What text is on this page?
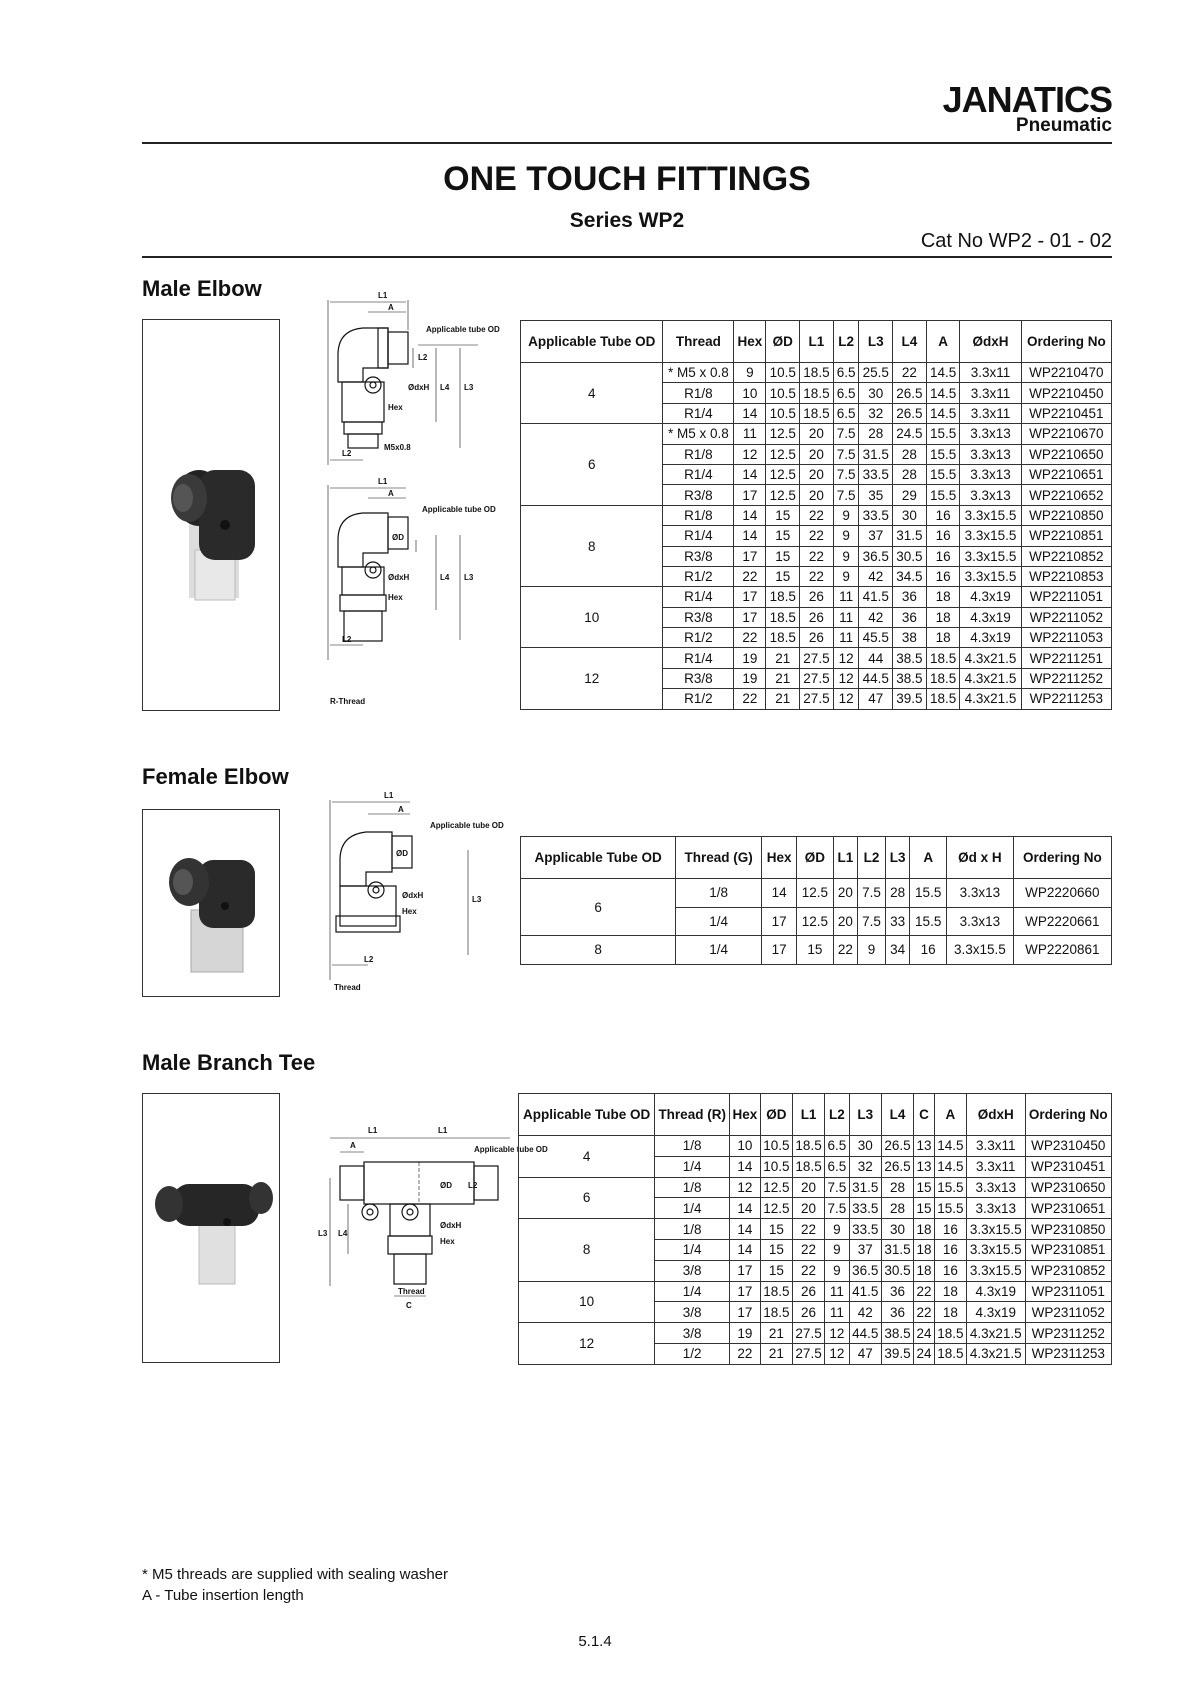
JANATICS
Pneumatic
ONE TOUCH FITTINGS
Series WP2
Cat No WP2 - 01 - 02
Male Elbow	L1
A
Applicable tube OD
L2
ØdxH L4 L3
Hex
M5x0.8
L2
L1
A
Applicable tube OD
ØD
ØdxH	L4 L3
Hex
L2
R-Thread
Applicable Tube OD	Thread	Hex	ØD	L1	L2	L3	L4	A	ØdxH	Ordering No
4	* M5 x 0.8	9	10.5	18.5	6.5	25.5	22	14.5	3.3x11	WP2210470
	R1/8	10	10.5	18.5	6.5	30	26.5	14.5	3.3x11	WP2210450
	R1/4	14	10.5	18.5	6.5	32	26.5	14.5	3.3x11	WP2210451
6	* M5 x 0.8	11	12.5	20	7.5	28	24.5	15.5	3.3x13	WP2210670
	R1/8	12	12.5	20	7.5	31.5	28	15.5	3.3x13	WP2210650
	R1/4	14	12.5	20	7.5	33.5	28	15.5	3.3x13	WP2210651
	R3/8	17	12.5	20	7.5	35	29	15.5	3.3x13	WP2210652
8	R1/8	14	15	22	9	33.5	30	16	3.3x15.5	WP2210850
	R1/4	14	15	22	9	37	31.5	16	3.3x15.5	WP2210851
	R3/8	17	15	22	9	36.5	30.5	16	3.3x15.5	WP2210852
	R1/2	22	15	22	9	42	34.5	16	3.3x15.5	WP2210853
10	R1/4	17	18.5	26	11	41.5	36	18	4.3x19	WP2211051
	R3/8	17	18.5	26	11	42	36	18	4.3x19	WP2211052
	R1/2	22	18.5	26	11	45.5	38	18	4.3x19	WP2211053
12	R1/4	19	21	27.5	12	44	38.5	18.5	4.3x21.5	WP2211251
	R3/8	19	21	27.5	12	44.5	38.5	18.5	4.3x21.5	WP2211252
	R1/2	22	21	27.5	12	47	39.5	18.5	4.3x21.5	WP2211253
Female Elbow
L1
A
Applicable tube OD
ØD
ØdxH
Hex
L3
L2
Thread
Applicable Tube OD	Thread (G)	Hex	ØD	L1	L2	L3	A	Ød x H	Ordering No
6	1/8	14	12.5	20	7.5	28	15.5	3.3x13	WP2220660
	1/4	17	12.5	20	7.5	33	15.5	3.3x13	WP2220661
8	1/4	17	15	22	9	34	16	3.3x15.5	WP2220861
Male Branch Tee
L1	L1
A	Applicable tube OD
ØD L2
L3 L4
ØdxH
Hex
Thread
C
Applicable Tube OD	Thread (R)	Hex	ØD	L1	L2	L3	L4	C	A	ØdxH	Ordering No
4	1/8	10	10.5	18.5	6.5	30	26.5	13	14.5	3.3x11	WP2310450
	1/4	14	10.5	18.5	6.5	32	26.5	13	14.5	3.3x11	WP2310451
6	1/8	12	12.5	20	7.5	31.5	28	15	15.5	3.3x13	WP2310650
	1/4	14	12.5	20	7.5	33.5	28	15	15.5	3.3x13	WP2310651
8	1/8	14	15	22	9	33.5	30	18	16	3.3x15.5	WP2310850
	1/4	14	15	22	9	37	31.5	18	16	3.3x15.5	WP2310851
	3/8	17	15	22	9	36.5	30.5	18	16	3.3x15.5	WP2310852
10	1/4	17	18.5	26	11	41.5	36	22	18	4.3x19	WP2311051
	3/8	17	18.5	26	11	42	36	22	18	4.3x19	WP2311052
12	3/8	19	21	27.5	12	44.5	38.5	24	18.5	4.3x21.5	WP2311252
	1/2	22	21	27.5	12	47	39.5	24	18.5	4.3x21.5	WP2311253
* M5 threads are supplied with sealing washer
A - Tube insertion length
5.1.4
